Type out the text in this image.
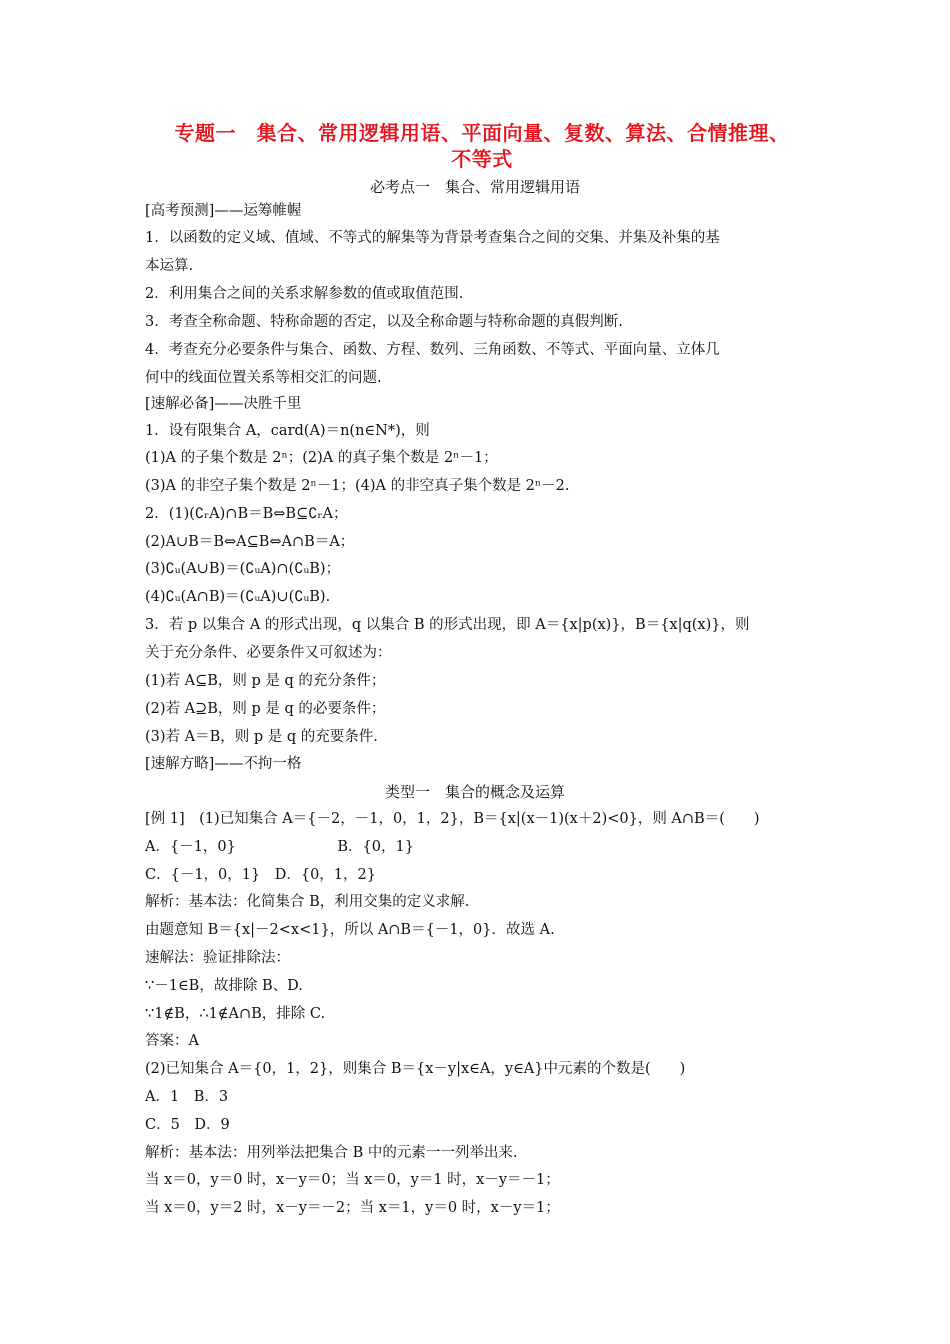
专题一　集合、常用逻辑用语、平面向量、复数、算法、合情推理、
不等式
必考点一　集合、常用逻辑用语
[高考预测]——运筹帷幄
1．以函数的定义域、值域、不等式的解集等为背景考查集合之间的交集、并集及补集的基
本运算.
2．利用集合之间的关系求解参数的值或取值范围.
3．考查全称命题、特称命题的否定，以及全称命题与特称命题的真假判断.
4．考查充分必要条件与集合、函数、方程、数列、三角函数、不等式、平面向量、立体几
何中的线面位置关系等相交汇的问题.
[速解必备]——决胜千里
1．设有限集合 A，card(A)＝n(n∈N*)，则
(1)A 的子集个数是 2ⁿ；(2)A 的真子集个数是 2ⁿ－1；
(3)A 的非空子集个数是 2ⁿ－1；(4)A 的非空真子集个数是 2ⁿ－2.
2．(1)(∁ᵣA)∩B＝B⇔B⊆∁ᵣA；
(2)A∪B＝B⇔A⊆B⇔A∩B＝A；
(3)∁ᵤ(A∪B)＝(∁ᵤA)∩(∁ᵤB)；
(4)∁ᵤ(A∩B)＝(∁ᵤA)∪(∁ᵤB).
3．若 p 以集合 A 的形式出现，q 以集合 B 的形式出现，即 A＝{x|p(x)}，B＝{x|q(x)}，则
关于充分条件、必要条件又可叙述为：
(1)若 A⊆B，则 p 是 q 的充分条件；
(2)若 A⊇B，则 p 是 q 的必要条件；
(3)若 A＝B，则 p 是 q 的充要条件.
[速解方略]——不拘一格
类型一　集合的概念及运算
[例 1]　(1)已知集合 A＝{－2，－1，0，1，2}，B＝{x|(x－1)(x＋2)<0}，则 A∩B＝(　　)
A．{－1，0}　　　　　　　B．{0，1}
C．{－1，0，1}　D．{0，1，2}
解析：基本法：化简集合 B，利用交集的定义求解.
由题意知 B＝{x|－2<x<1}，所以 A∩B＝{－1，0}．故选 A.
速解法：验证排除法：
∵－1∈B，故排除 B、D.
∵1∉B，∴1∉A∩B，排除 C.
答案：A
(2)已知集合 A＝{0，1，2}，则集合 B＝{x－y|x∈A，y∈A}中元素的个数是(　　)
A．1　B．3
C．5　D．9
解析：基本法：用列举法把集合 B 中的元素一一列举出来.
当 x＝0，y＝0 时，x－y＝0；当 x＝0，y＝1 时，x－y＝－1；
当 x＝0，y＝2 时，x－y＝－2；当 x＝1，y＝0 时，x－y＝1；
